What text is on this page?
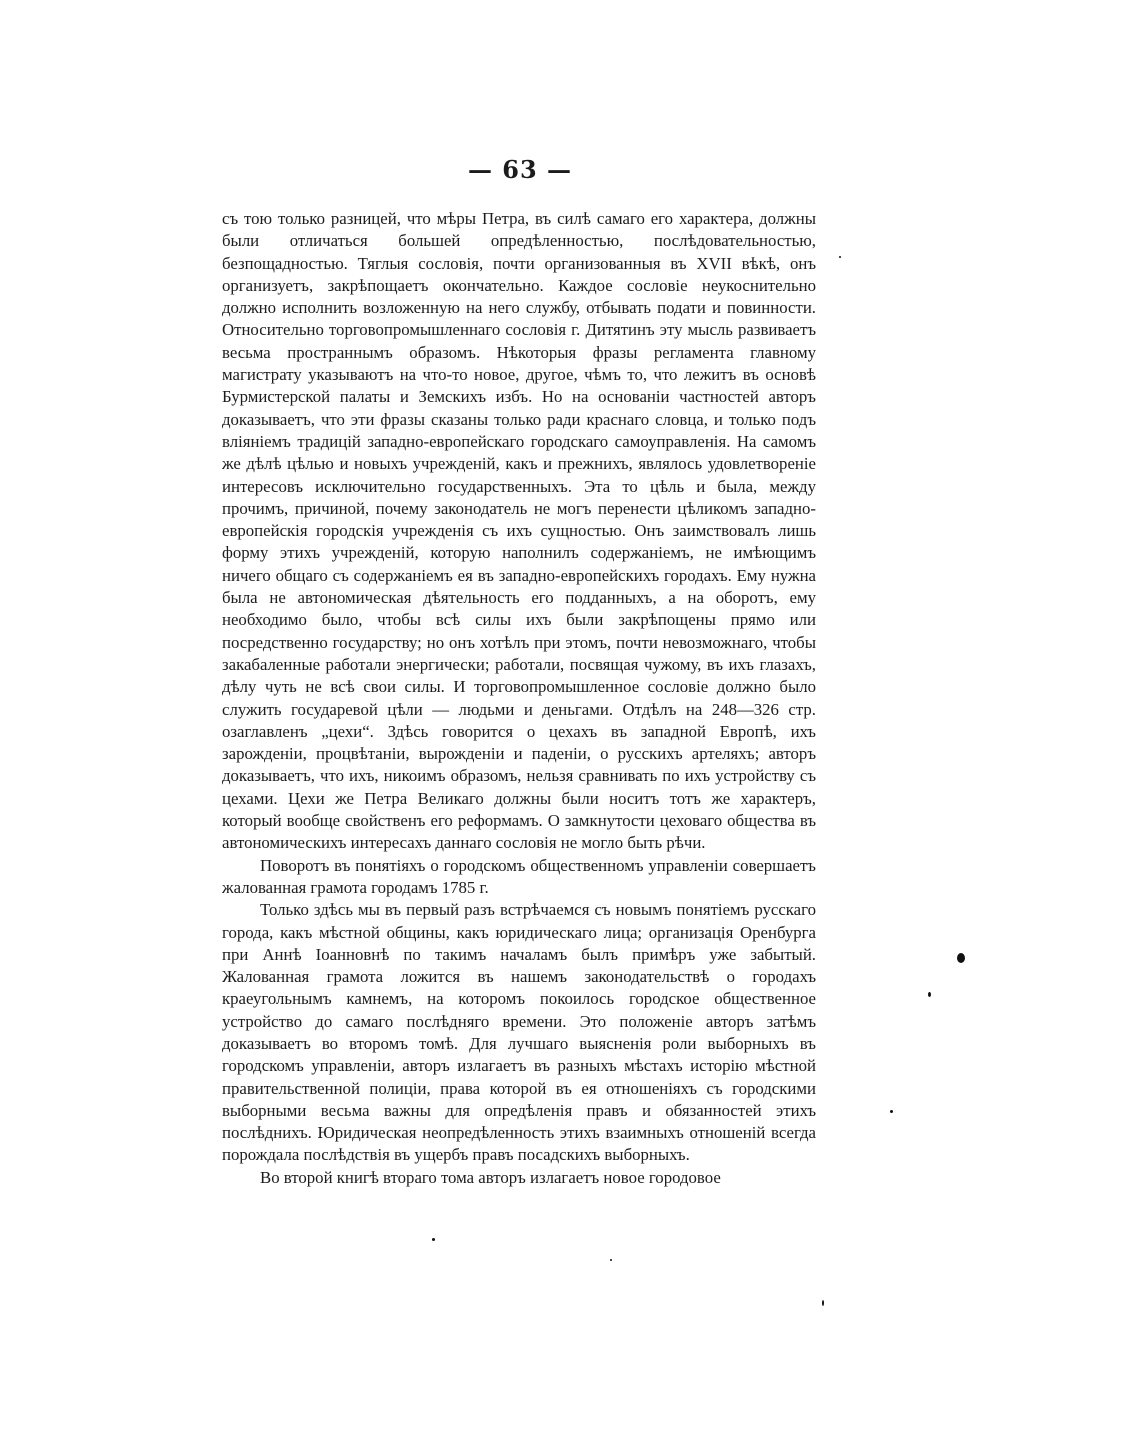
— 63 —

съ тою только разницей, что мѣры Петра, въ силѣ самаго его характера, должны были отличаться большей опредѣленностью, послѣдовательностью, безпощадностью. Тяглыя сословія, почти организованныя въ XVII вѣкѣ, онъ организуетъ, закрѣпощаетъ окончательно. Каждое сословіе неукоснительно должно исполнить возложенную на него службу, отбывать подати и повинности. Относительно торговопромышленнаго сословія г. Дитятинъ эту мысль развиваетъ весьма пространнымъ образомъ. Нѣкоторыя фразы регламента главному магистрату указываютъ на что-то новое, другое, чѣмъ то, что лежитъ въ основѣ Бурмистерской палаты и Земскихъ избъ. Но на основаніи частностей авторъ доказываетъ, что эти фразы сказаны только ради краснаго словца, и только подъ вліяніемъ традицій западно-европейскаго городскаго самоуправленія. На самомъ же дѣлѣ цѣлью и новыхъ учрежденій, какъ и прежнихъ, являлось удовлетвореніе интересовъ исключительно государственныхъ. Эта то цѣль и была, между прочимъ, причиной, почему законодатель не могъ перенести цѣликомъ западно-европейскія городскія учрежденія съ ихъ сущностью. Онъ заимствовалъ лишь форму этихъ учрежденій, которую наполнилъ содержаніемъ, не имѣющимъ ничего общаго съ содержаніемъ ея въ западно-европейскихъ городахъ. Ему нужна была не автономическая дѣятельность его подданныхъ, а на оборотъ, ему необходимо было, чтобы всѣ силы ихъ были закрѣпощены прямо или посредственно государству; но онъ хотѣлъ при этомъ, почти невозможнаго, чтобы закабаленные работали энергически; работали, посвящая чужому, въ ихъ глазахъ, дѣлу чуть не всѣ свои силы. И торговопромышленное сословіе должно было служить государевой цѣли — людьми и деньгами. Отдѣлъ на 248—326 стр. озаглавленъ „цехи“. Здѣсь говорится о цехахъ въ западной Европѣ, ихъ зарожденіи, процвѣтаніи, вырожденіи и паденіи, о русскихъ артеляхъ; авторъ доказываетъ, что ихъ, никоимъ образомъ, нельзя сравнивать по ихъ устройству съ цехами. Цехи же Петра Великаго должны были носитъ тотъ же характеръ, который вообще свойственъ его реформамъ. О замкнутости цеховаго общества въ автономическихъ интересахъ даннаго сословія не могло быть рѣчи.

Поворотъ въ понятіяхъ о городскомъ общественномъ управленіи совершаетъ жалованная грамота городамъ 1785 г.

Только здѣсь мы въ первый разъ встрѣчаемся съ новымъ понятіемъ русскаго города, какъ мѣстной общины, какъ юридическаго лица; организація Оренбурга при Аннѣ Іоанновнѣ по такимъ началамъ былъ примѣръ уже забытый. Жалованная грамота ложится въ нашемъ законодательствѣ о городахъ краеугольнымъ камнемъ, на которомъ покоилось городское общественное устройство до самаго послѣдняго времени. Это положеніе авторъ затѣмъ доказываетъ во второмъ томѣ. Для лучшаго выясненія роли выборныхъ въ городскомъ управленіи, авторъ излагаетъ въ разныхъ мѣстахъ исторію мѣстной правительственной полиціи, права которой въ ея отношеніяхъ съ городскими выборными весьма важны для опредѣленія правъ и обязанностей этихъ послѣднихъ. Юридическая неопредѣленность этихъ взаимныхъ отношеній всегда порождала послѣдствія въ ущербъ правъ посадскихъ выборныхъ.

Во второй книгѣ втораго тома авторъ излагаетъ новое городовое
